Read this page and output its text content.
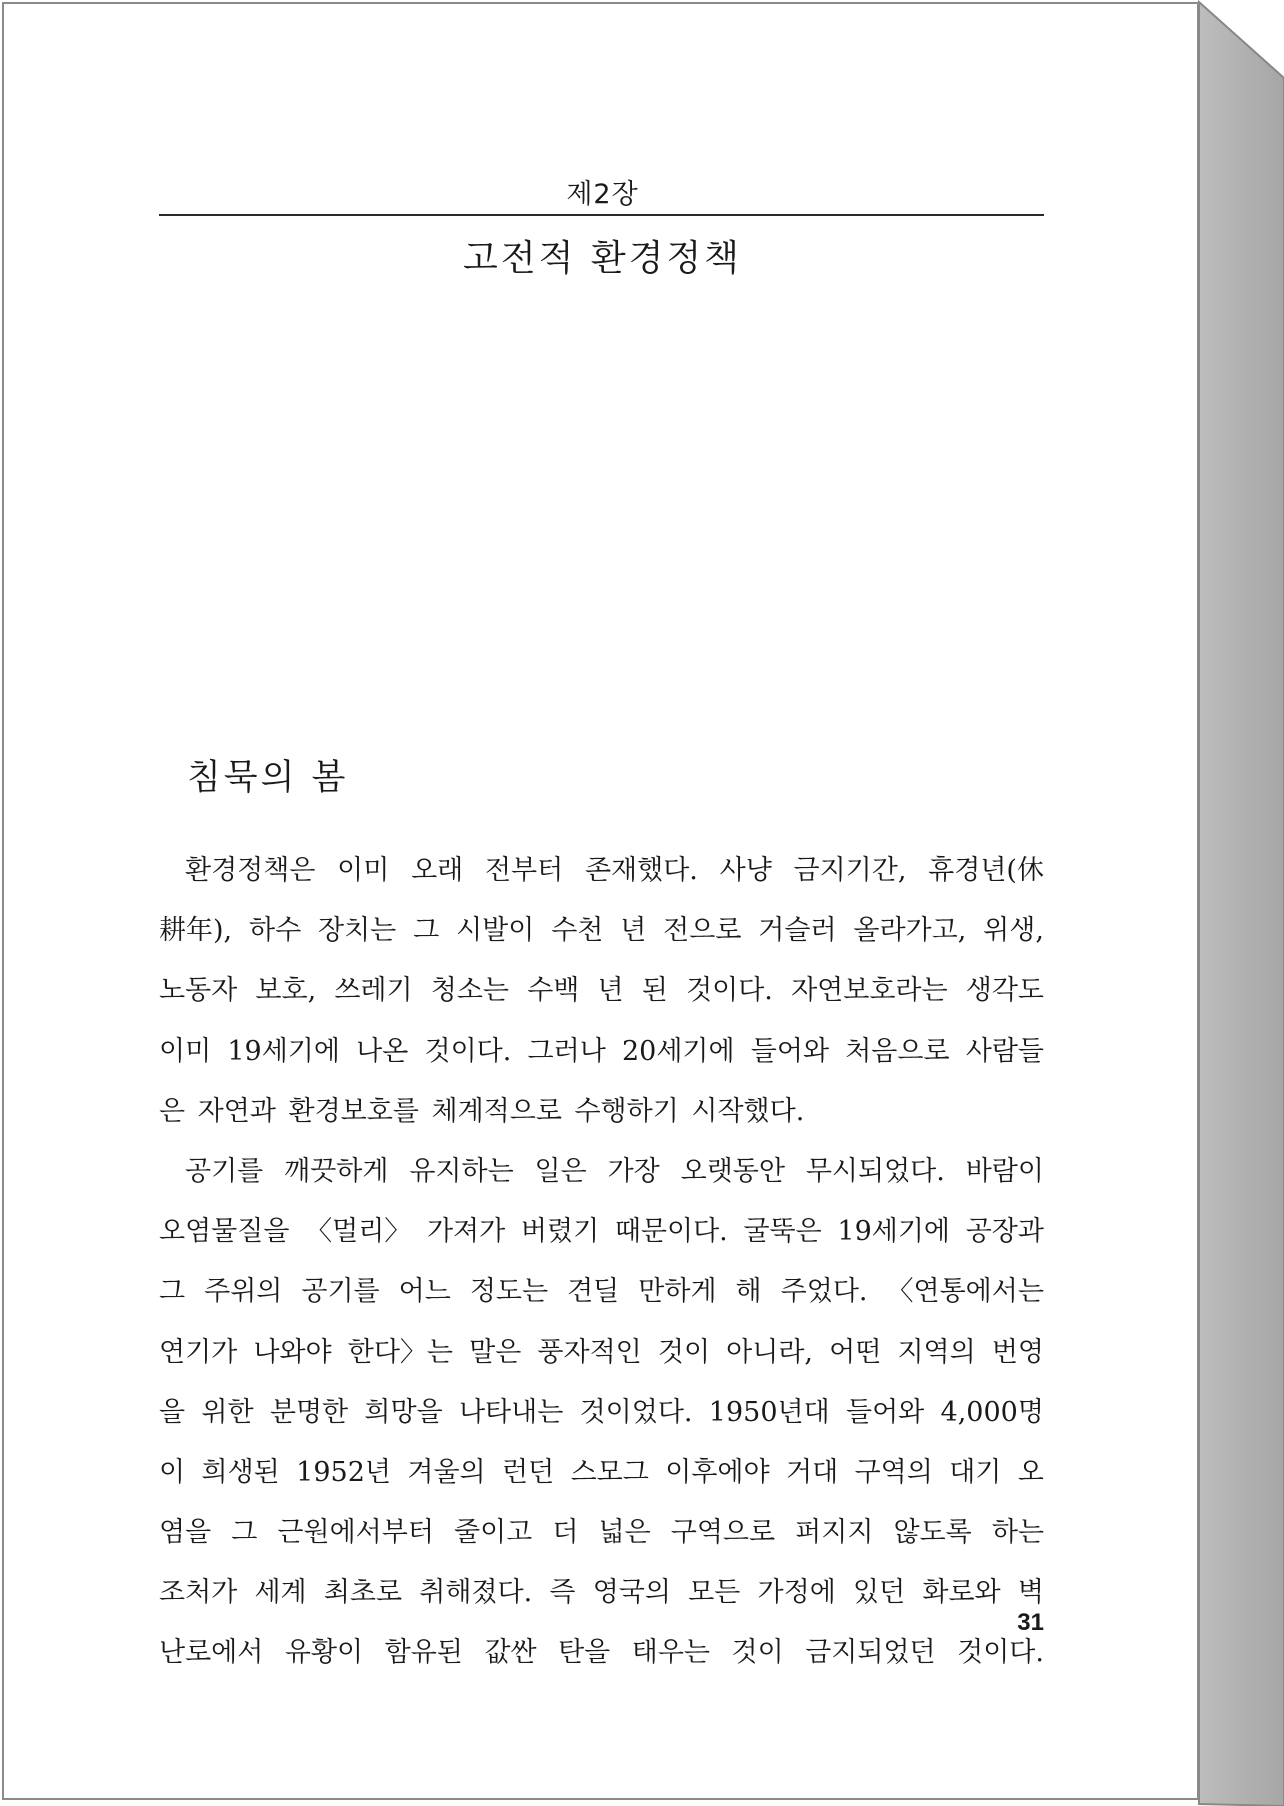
제2장
고전적 환경정책
침묵의 봄
환경정책은 이미 오래 전부터 존재했다. 사냥 금지기간, 휴경년(休
耕年), 하수 장치는 그 시발이 수천 년 전으로 거슬러 올라가고, 위생,
노동자 보호, 쓰레기 청소는 수백 년 된 것이다. 자연보호라는 생각도
이미 19세기에 나온 것이다. 그러나 20세기에 들어와 처음으로 사람들
은 자연과 환경보호를 체계적으로 수행하기 시작했다.
공기를 깨끗하게 유지하는 일은 가장 오랫동안 무시되었다. 바람이
오염물질을 〈멀리〉 가져가 버렸기 때문이다. 굴뚝은 19세기에 공장과
그 주위의 공기를 어느 정도는 견딜 만하게 해 주었다. 〈연통에서는
연기가 나와야 한다〉는 말은 풍자적인 것이 아니라, 어떤 지역의 번영
을 위한 분명한 희망을 나타내는 것이었다. 1950년대 들어와 4,000명
이 희생된 1952년 겨울의 런던 스모그 이후에야 거대 구역의 대기 오
염을 그 근원에서부터 줄이고 더 넓은 구역으로 퍼지지 않도록 하는
조처가 세계 최초로 취해졌다. 즉 영국의 모든 가정에 있던 화로와 벽
난로에서 유황이 함유된 값싼 탄을 태우는 것이 금지되었던 것이다.
31
